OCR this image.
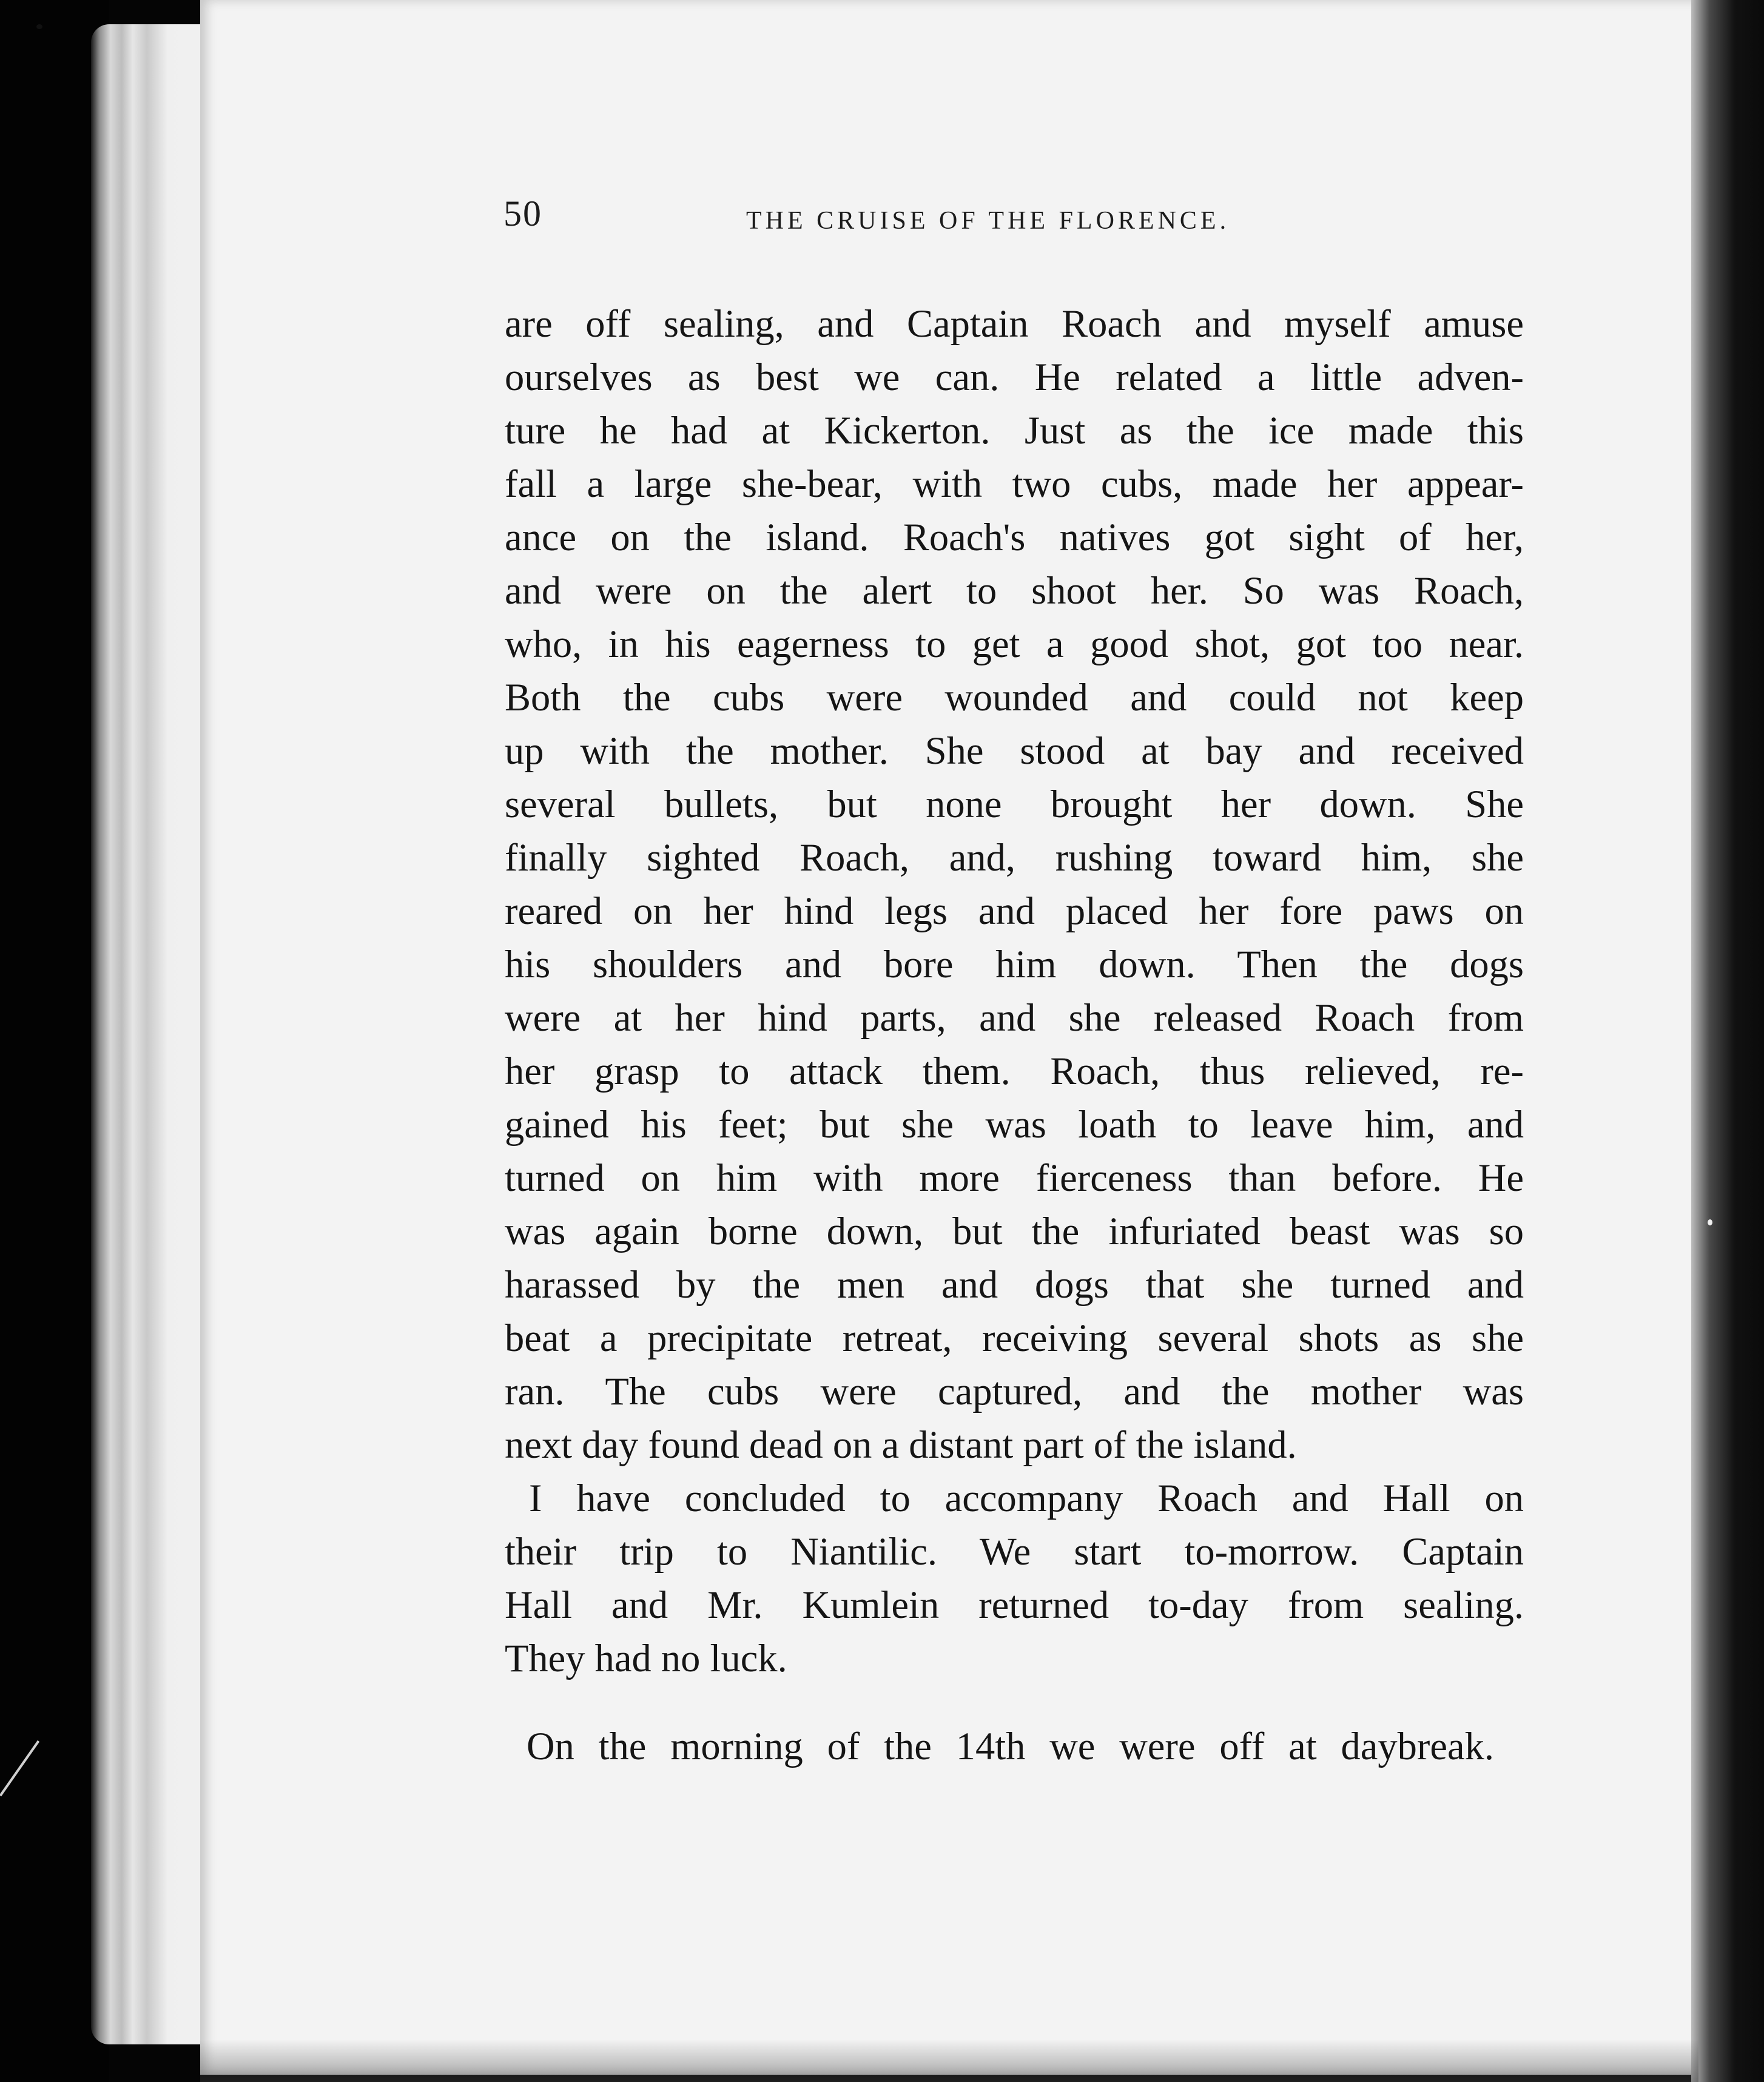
50	THE CRUISE OF THE FLORENCE.
are off sealing, and Captain Roach and myself amuse
ourselves as best we can. He related a little adven-
ture he had at Kickerton. Just as the ice made this
fall a large she-bear, with two cubs, made her appear-
ance on the island. Roach's natives got sight of her,
and were on the alert to shoot her. So was Roach,
who, in his eagerness to get a good shot, got too near.
Both the cubs were wounded and could not keep
up with the mother. She stood at bay and received
several bullets, but none brought her down. She
finally sighted Roach, and, rushing toward him, she
reared on her hind legs and placed her fore paws on
his shoulders and bore him down. Then the dogs
were at her hind parts, and she released Roach from
her grasp to attack them. Roach, thus relieved, re-
gained his feet; but she was loath to leave him, and
turned on him with more fierceness than before. He
was again borne down, but the infuriated beast was so
harassed by the men and dogs that she turned and
beat a precipitate retreat, receiving several shots as she
ran. The cubs were captured, and the mother was
next day found dead on a distant part of the island.
I have concluded to accompany Roach and Hall on
their trip to Niantilic. We start to-morrow. Captain
Hall and Mr. Kumlein returned to-day from sealing.
They had no luck.
On the morning of the 14th we were off at daybreak.
